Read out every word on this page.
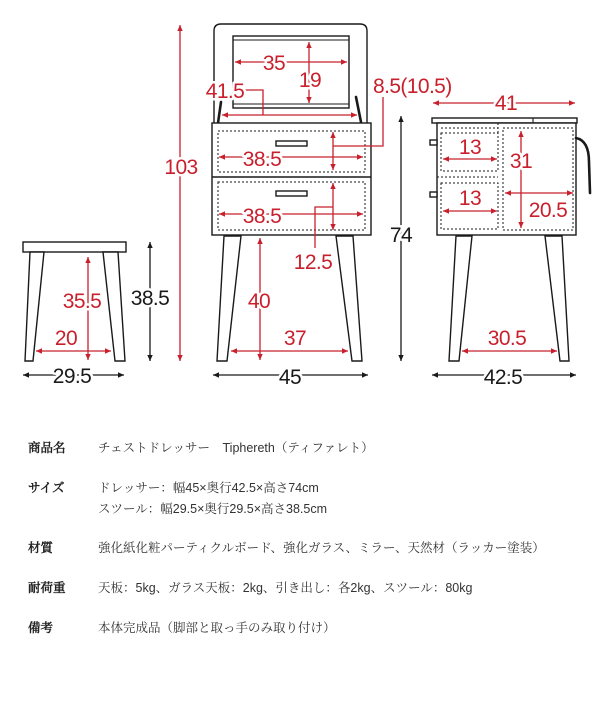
35.5
20
38.5
29.5
103
35
19
41.5	8.5(10.5)
38.5
38.5
12.5
40
37
45
74
41
13
13
31
20.5
30.5
42.5
商品名	チェストドレッサー　Tiphereth（ティファレト）
サイズ	ドレッサー：幅45×奥行42.5×高さ74cm
スツール：幅29.5×奥行29.5×高さ38.5cm
材質	強化紙化粧パーティクルボード、強化ガラス、ミラー、天然材（ラッカー塗装）
耐荷重	天板：5kg、ガラス天板：2kg、引き出し：各2kg、スツール：80kg
備考	本体完成品（脚部と取っ手のみ取り付け）
